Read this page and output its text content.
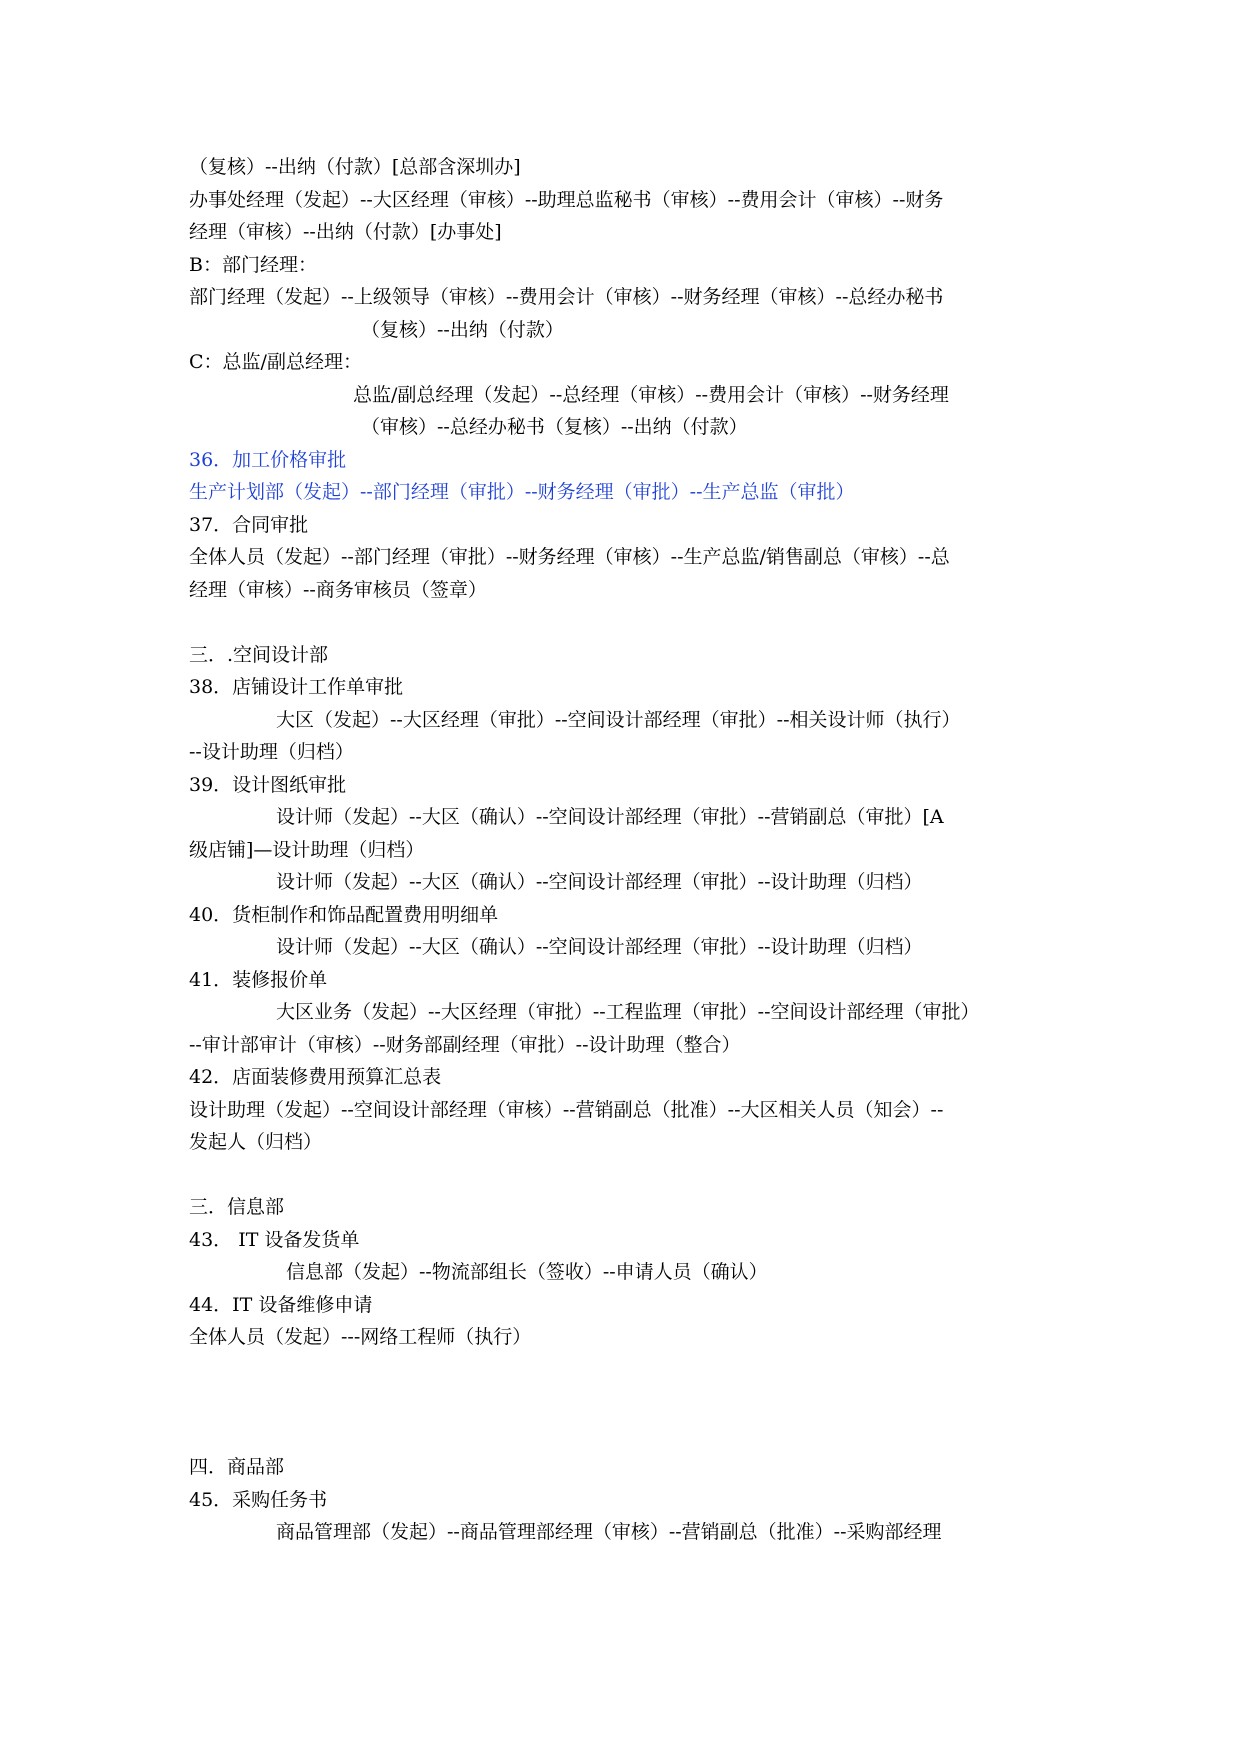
（复核）--出纳（付款）[总部含深圳办]
办事处经理（发起）--大区经理（审核）--助理总监秘书（审核）--费用会计（审核）--财务
经理（审核）--出纳（付款）[办事处]
B：部门经理：
部门经理（发起）--上级领导（审核）--费用会计（审核）--财务经理（审核）--总经办秘书
（复核）--出纳（付款）
C：总监/副总经理：
总监/副总经理（发起）--总经理（审核）--费用会计（审核）--财务经理
（审核）--总经办秘书（复核）--出纳（付款）
36．加工价格审批
生产计划部（发起）--部门经理（审批）--财务经理（审批）--生产总监（审批）
37．合同审批
全体人员（发起）--部门经理（审批）--财务经理（审核）--生产总监/销售副总（审核）--总
经理（审核）--商务审核员（签章）
三．.空间设计部
38．店铺设计工作单审批
大区（发起）--大区经理（审批）--空间设计部经理（审批）--相关设计师（执行）
--设计助理（归档）
39．设计图纸审批
设计师（发起）--大区（确认）--空间设计部经理（审批）--营销副总（审批）[A
级店铺]—设计助理（归档）
设计师（发起）--大区（确认）--空间设计部经理（审批）--设计助理（归档）
40．货柜制作和饰品配置费用明细单
设计师（发起）--大区（确认）--空间设计部经理（审批）--设计助理（归档）
41．装修报价单
大区业务（发起）--大区经理（审批）--工程监理（审批）--空间设计部经理（审批）
--审计部审计（审核）--财务部副经理（审批）--设计助理（整合）
42．店面装修费用预算汇总表
设计助理（发起）--空间设计部经理（审核）--营销副总（批准）--大区相关人员（知会）--
发起人（归档）
三．信息部
43． IT 设备发货单
信息部（发起）--物流部组长（签收）--申请人员（确认）
44．IT 设备维修申请
全体人员（发起）---网络工程师（执行）
四．商品部
45．采购任务书
商品管理部（发起）--商品管理部经理（审核）--营销副总（批准）--采购部经理
